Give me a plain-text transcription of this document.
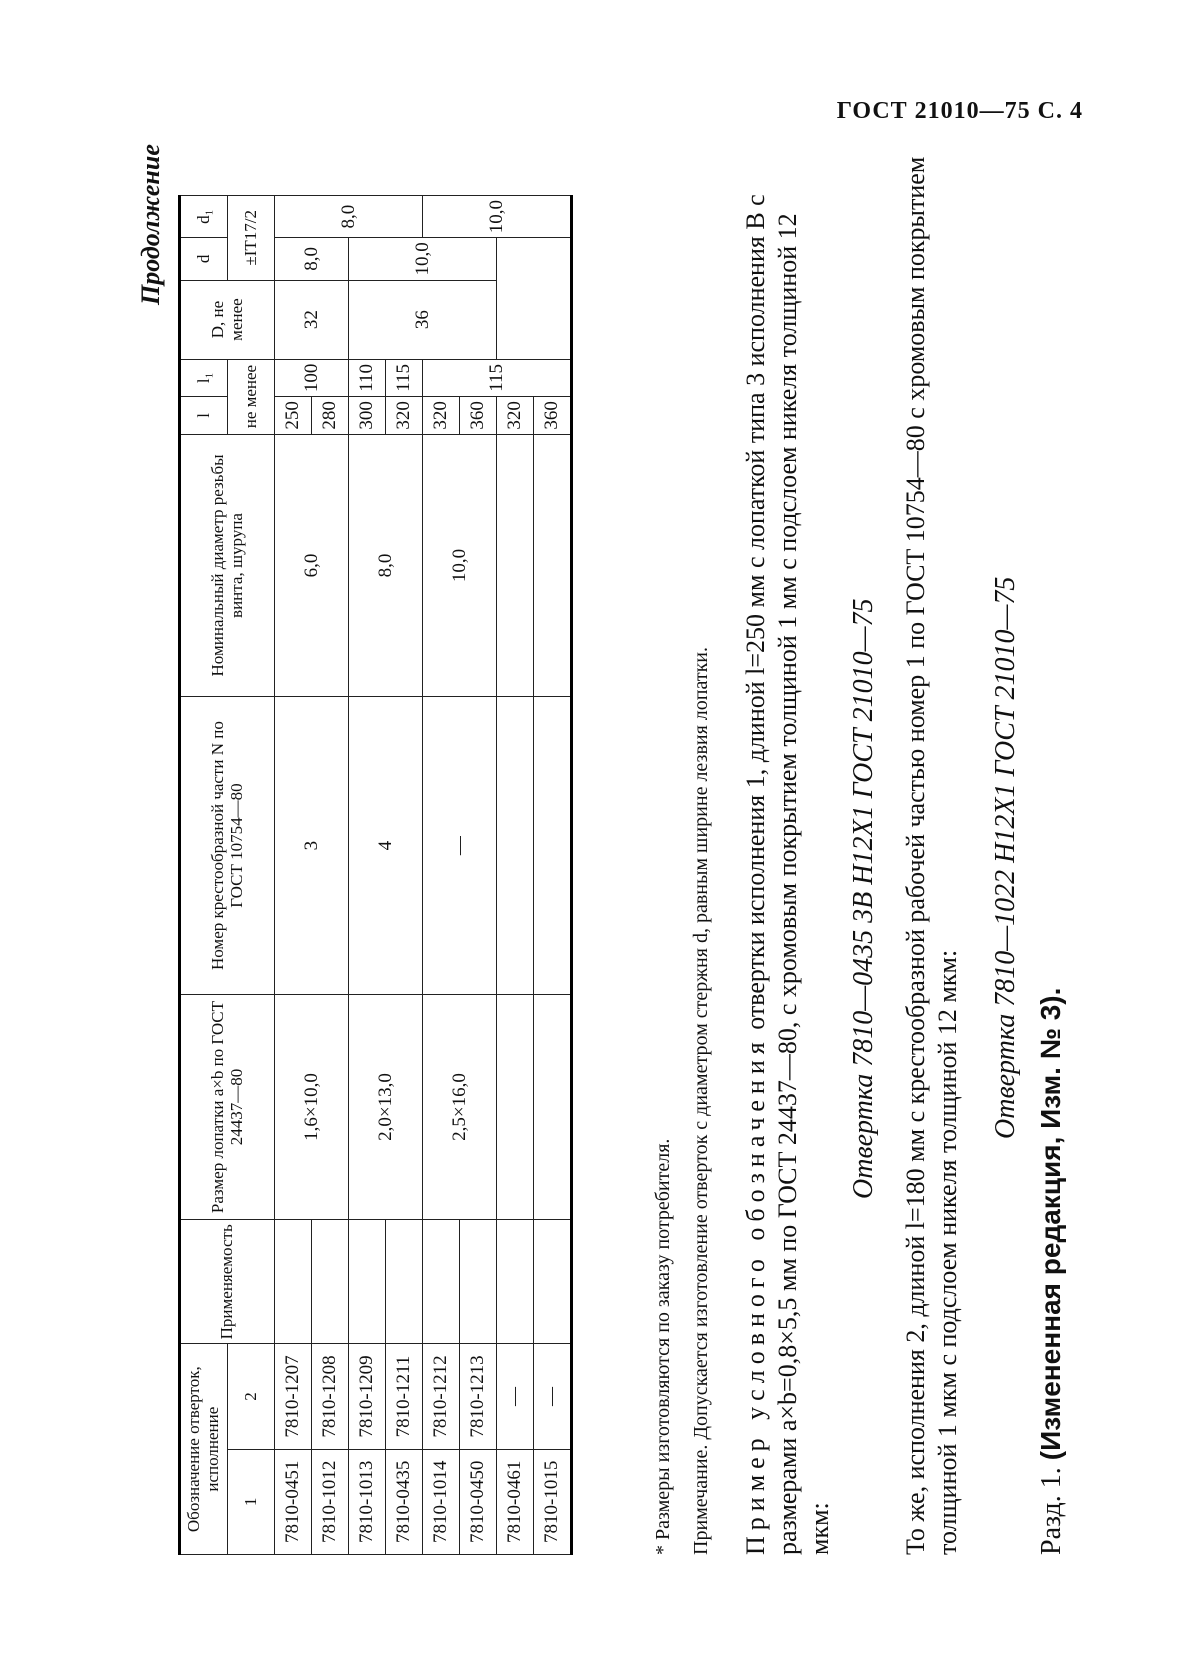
ГОСТ 21010—75 С. 4
Продолжение
Обозначение отверток, исполнение		Применяемость	Размер лопатки a×b по ГОСТ 24437—80	Номер крестообразной части N по ГОСТ 10754—80	Номинальный диаметр резьбы винта, шурупа	l	l₁	D, не менее	d	d₁
1	2					не менее			±IT17/2	
7810-0451	7810-1207		1,6×10,0	3	6,0	250	100	32	8,0	8,0
7810-1012	7810-1208					280				
7810-1013	7810-1209		2,0×13,0	4	8,0	300	110	36	10,0	
7810-0435	7810-1211					320	115			
7810-1014	7810-1212		2,5×16,0	—	10,0	320	115			10,0
7810-0450	7810-1213					360				
7810-0461	—					320				
7810-1015	—					360				
* Размеры изготовляются по заказу потребителя. Примечание. Допускается изготовление отверток с диаметром стержня d, равным ширине лезвия лопатки. Пример условного обозначения отвертки исполнения 1, длиной l=250 мм с лопаткой типа 3 исполнения В с размерами a×b=0,8×5,5 мм по ГОСТ 24437—80, с хромовым покрытием толщиной 1 мм с подслоем никеля толщиной 12 мкм:
Отвертка 7810—0435 3В Н12Х1 ГОСТ 21010—75 То же, исполнения 2, длиной l=180 мм с крестообразной рабочей частью номер 1 по ГОСТ 10754—80 с хромовым покрытием толщиной 1 мкм с подслоем никеля толщиной 12 мкм:
Отвертка 7810—1022 Н12Х1 ГОСТ 21010—75
Разд. 1. (Измененная редакция, Изм. № 3).
